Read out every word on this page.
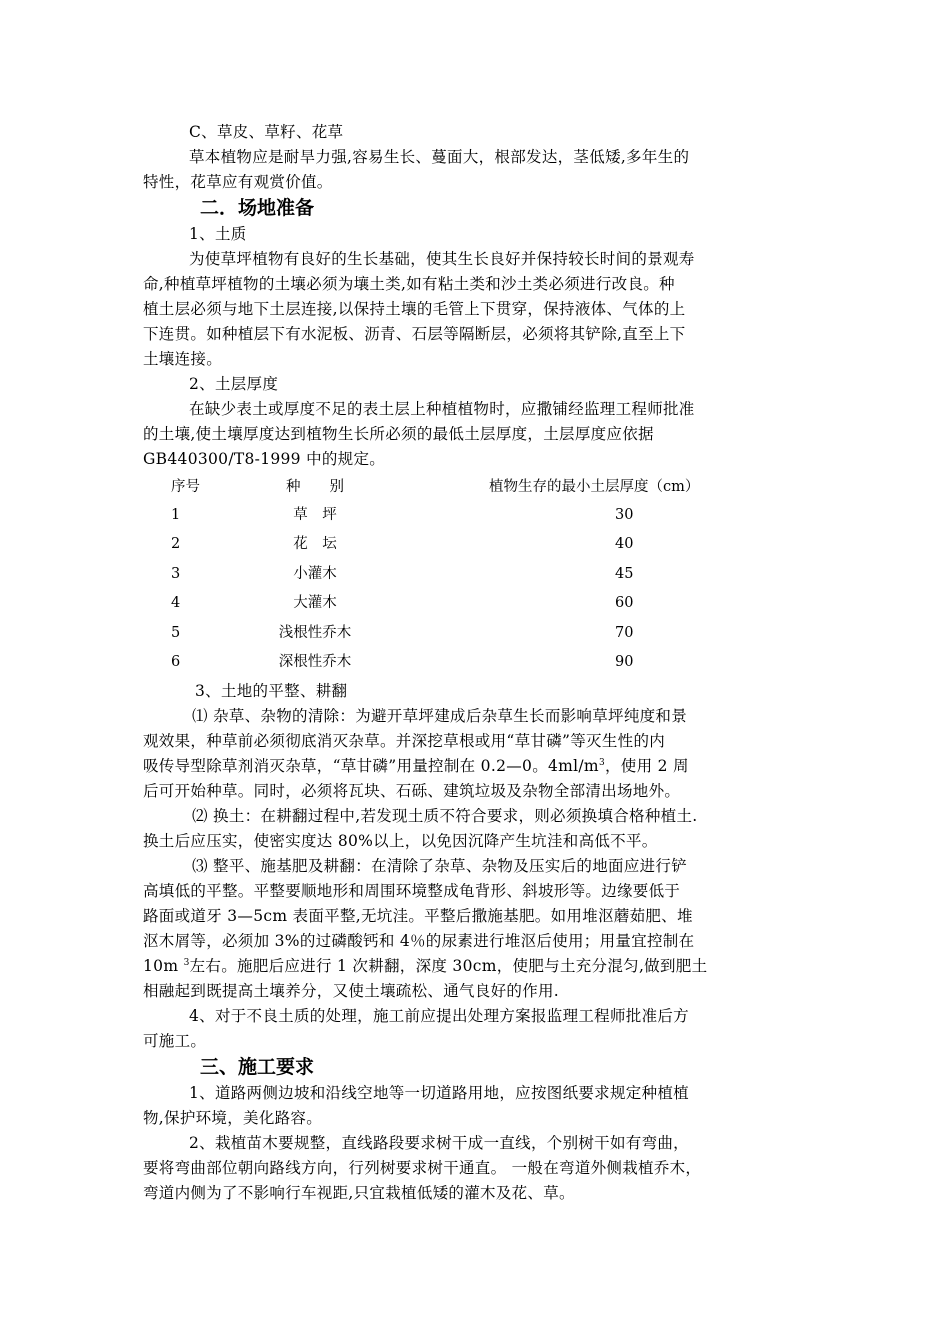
C、草皮、草籽、花草
草本植物应是耐旱力强,容易生长、蔓面大，根部发达，茎低矮,多年生的
特性，花草应有观赏价值。
二．场地准备
1、土质
为使草坪植物有良好的生长基础，使其生长良好并保持较长时间的景观寿
命,种植草坪植物的土壤必须为壤土类,如有粘土类和沙土类必须进行改良。种
植土层必须与地下土层连接,以保持土壤的毛管上下贯穿，保持液体、气体的上
下连贯。如种植层下有水泥板、沥青、石层等隔断层，必须将其铲除,直至上下
土壤连接。
2、土层厚度
在缺少表土或厚度不足的表土层上种植植物时，应撒铺经监理工程师批准
的土壤,使土壤厚度达到植物生长所必须的最低土层厚度，土层厚度应依据
GB440300/T8-1999 中的规定。
序号	种　　别	植物生存的最小土层厚度（cm）
1	草　坪	30
2	花　坛	40
3	小灌木	45
4	大灌木	60
5	浅根性乔木	70
6	深根性乔木	90
3、土地的平整、耕翻
⑴ 杂草、杂物的清除：为避开草坪建成后杂草生长而影响草坪纯度和景
观效果，种草前必须彻底消灭杂草。并深挖草根或用“草甘磷”等灭生性的内
吸传导型除草剂消灭杂草，“草甘磷”用量控制在 0.2—0。$4ml/m^3$，使用 2 周
后可开始种草。同时，必须将瓦块、石砾、建筑垃圾及杂物全部清出场地外。
⑵ 换土：在耕翻过程中,若发现土质不符合要求，则必须换填合格种植土.
换土后应压实，使密实度达 80%以上，以免因沉降产生坑洼和高低不平。
⑶ 整平、施基肥及耕翻：在清除了杂草、杂物及压实后的地面应进行铲
高填低的平整。平整要顺地形和周围环境整成龟背形、斜坡形等。边缘要低于
路面或道牙 3—5cm 表面平整,无坑洼。平整后撒施基肥。如用堆沤蘑茹肥、堆
沤木屑等，必须加 3%的过磷酸钙和 4％的尿素进行堆沤后使用；用量宜控制在
10m $^3$左右。施肥后应进行 1 次耕翻，深度 30cm，使肥与土充分混匀,做到肥土
相融起到既提高土壤养分，又使土壤疏松、通气良好的作用.
4、对于不良土质的处理，施工前应提出处理方案报监理工程师批准后方
可施工。
三、施工要求
1、道路两侧边坡和沿线空地等一切道路用地，应按图纸要求规定种植植
物,保护环境，美化路容。
2、栽植苗木要规整，直线路段要求树干成一直线，个别树干如有弯曲，
要将弯曲部位朝向路线方向，行列树要求树干通直。 一般在弯道外侧栽植乔木，
弯道内侧为了不影响行车视距,只宜栽植低矮的灌木及花、草。
